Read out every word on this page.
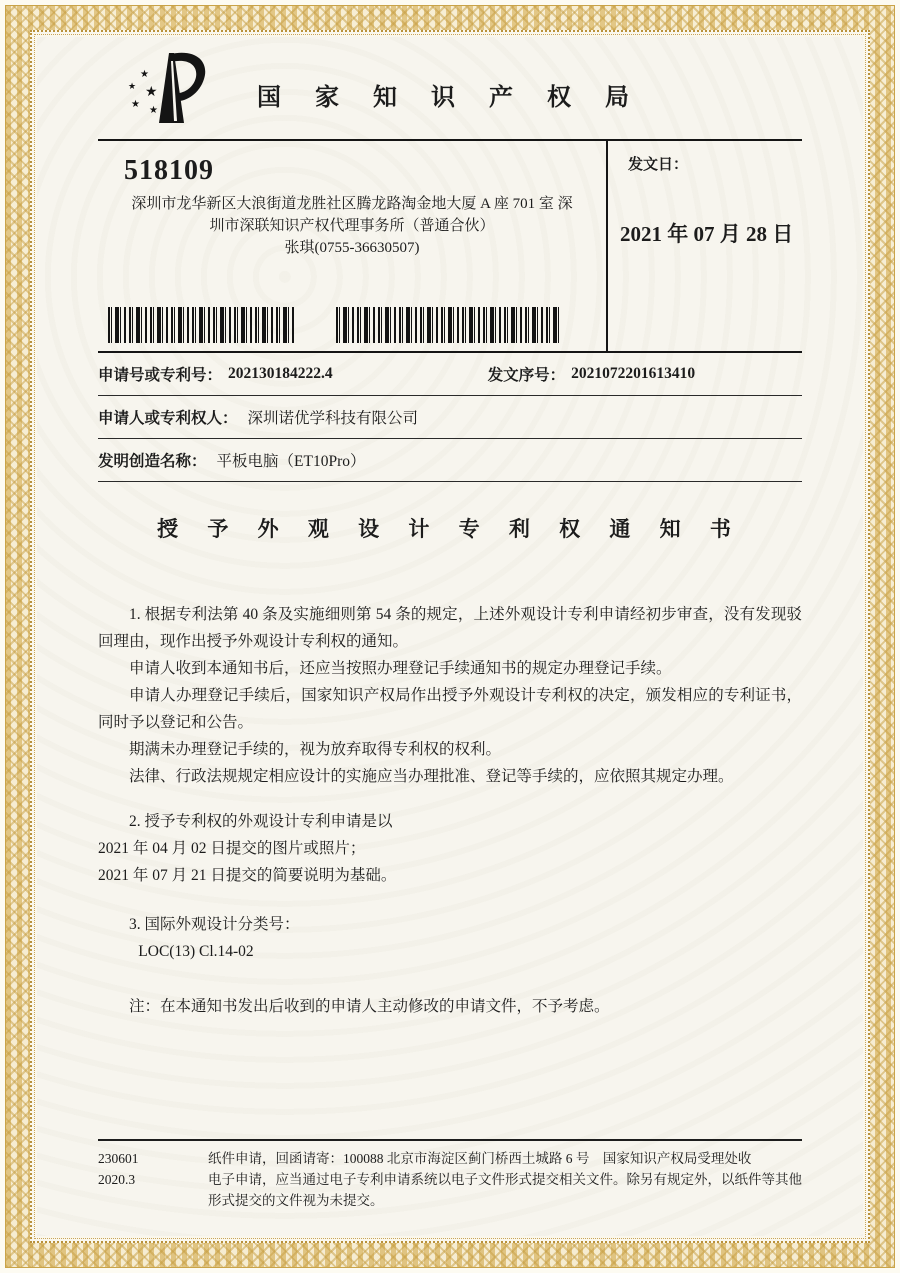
★
★ ★
★
★	国 家 知 识 产 权 局
518109
深圳市龙华新区大浪街道龙胜社区腾龙路淘金地大厦 A 座 701 室 深
圳市深联知识产权代理事务所（普通合伙）
张琪(0755-36630507)
发文日：
2021 年 07 月 28 日
申请号或专利号： 202130184222.4	发文序号： 2021072201613410
申请人或专利权人： 深圳诺优学科技有限公司
发明创造名称： 平板电脑（ET10Pro）
授 予 外 观 设 计 专 利 权 通 知 书

1. 根据专利法第 40 条及实施细则第 54 条的规定，上述外观设计专利申请经初步审查，没有发现驳回理由，现作出授予外观设计专利权的通知。

申请人收到本通知书后，还应当按照办理登记手续通知书的规定办理登记手续。

申请人办理登记手续后，国家知识产权局作出授予外观设计专利权的决定，颁发相应的专利证书，同时予以登记和公告。

期满未办理登记手续的，视为放弃取得专利权的权利。

法律、行政法规规定相应设计的实施应当办理批准、登记等手续的，应依照其规定办理。

2. 授予专利权的外观设计专利申请是以

2021 年 04 月 02 日提交的图片或照片；

2021 年 07 月 21 日提交的简要说明为基础。

3. 国际外观设计分类号：

LOC(13) Cl.14-02

注：在本通知书发出后收到的申请人主动修改的申请文件，不予考虑。

230601
2020.3
纸件申请，回函请寄：100088 北京市海淀区蓟门桥西土城路 6 号　国家知识产权局受理处收
电子申请，应当通过电子专利申请系统以电子文件形式提交相关文件。除另有规定外，以纸件等其他形式提交的文件视为未提交。
